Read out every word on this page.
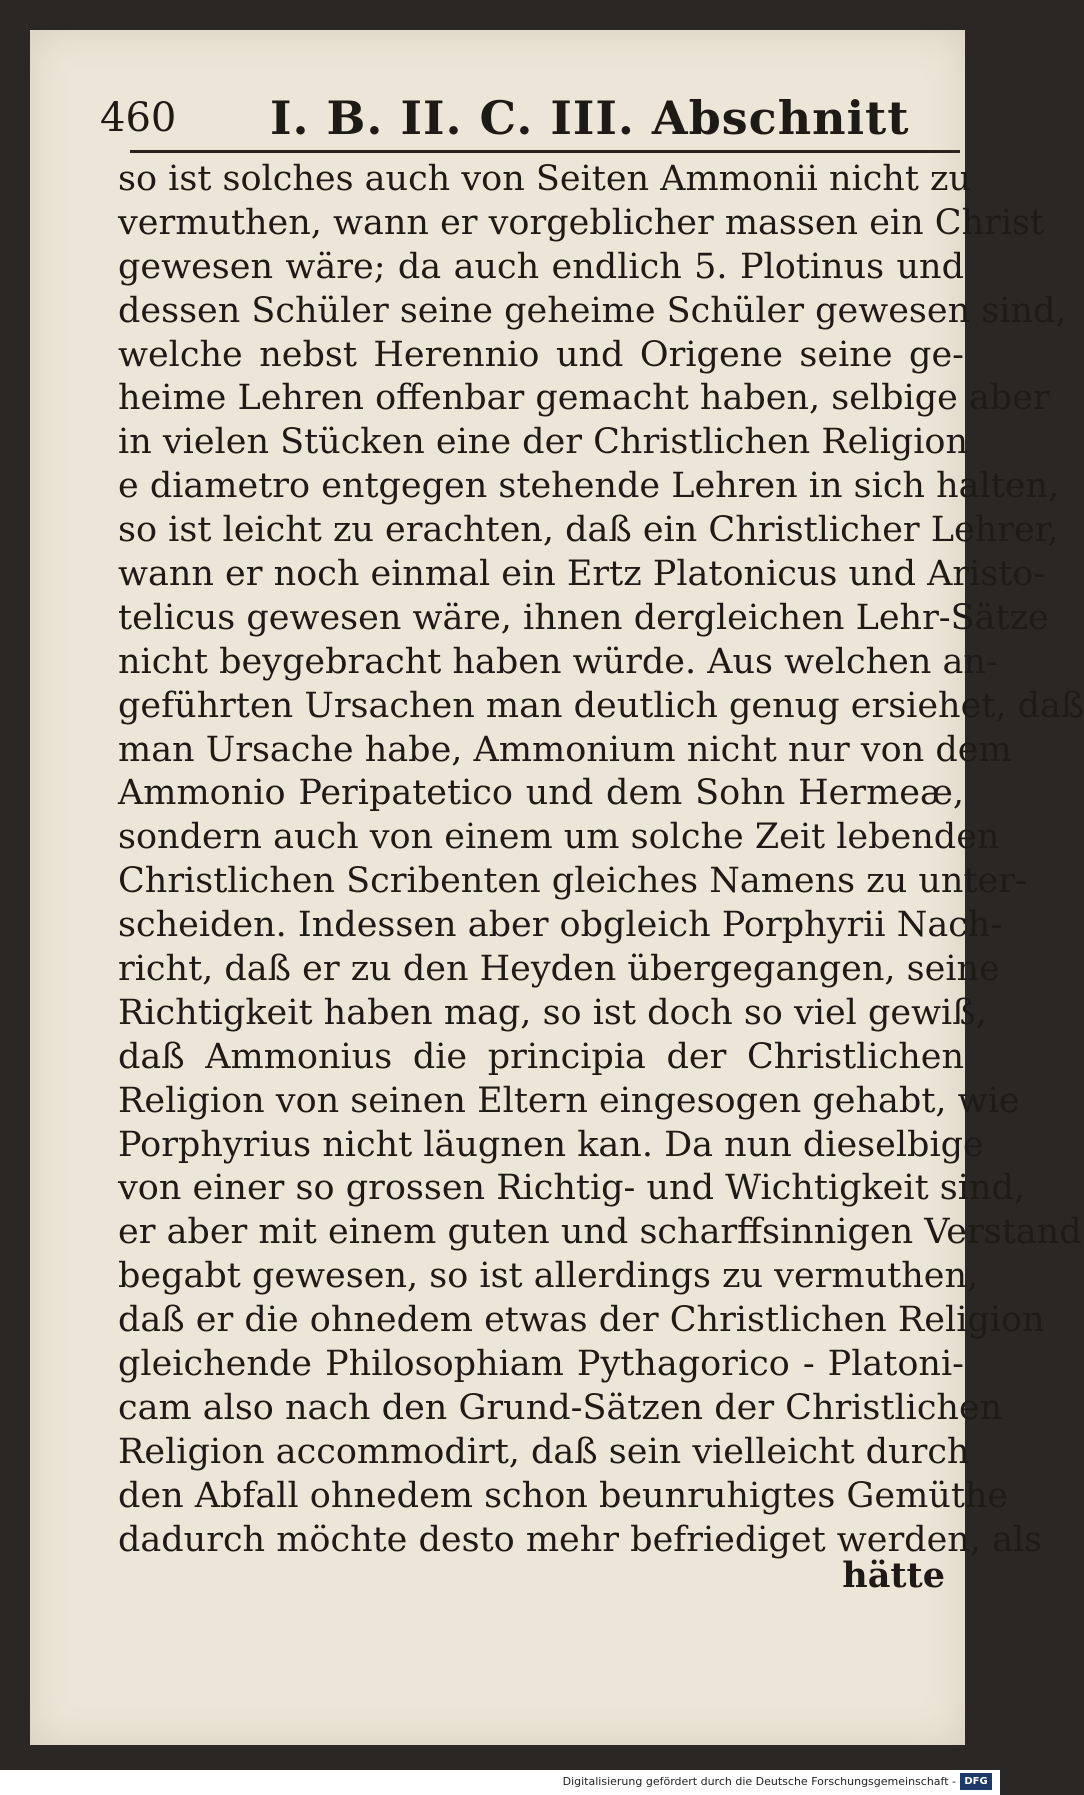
460 I. B. II. C. III. Abschnitt
so ist solches auch von Seiten Ammonii nicht zu
vermuthen, wann er vorgeblicher massen ein Christ
gewesen wäre; da auch endlich 5. Plotinus und
dessen Schüler seine geheime Schüler gewesen sind,
welche nebst Herennio und Origene seine ge-
heime Lehren offenbar gemacht haben, selbige aber
in vielen Stücken eine der Christlichen Religion
e diametro entgegen stehende Lehren in sich halten,
so ist leicht zu erachten, daß ein Christlicher Lehrer,
wann er noch einmal ein Ertz Platonicus und Aristo-
telicus gewesen wäre, ihnen dergleichen Lehr-Sätze
nicht beygebracht haben würde. Aus welchen an-
geführten Ursachen man deutlich genug ersiehet, daß
man Ursache habe, Ammonium nicht nur von dem
Ammonio Peripatetico und dem Sohn Hermeæ,
sondern auch von einem um solche Zeit lebenden
Christlichen Scribenten gleiches Namens zu unter-
scheiden. Indessen aber obgleich Porphyrii Nach-
richt, daß er zu den Heyden übergegangen, seine
Richtigkeit haben mag, so ist doch so viel gewiß,
daß Ammonius die principia der Christlichen
Religion von seinen Eltern eingesogen gehabt, wie
Porphyrius nicht läugnen kan. Da nun dieselbige
von einer so grossen Richtig- und Wichtigkeit sind,
er aber mit einem guten und scharffsinnigen Verstand
begabt gewesen, so ist allerdings zu vermuthen,
daß er die ohnedem etwas der Christlichen Religion
gleichende Philosophiam Pythagorico - Platoni-
cam also nach den Grund-Sätzen der Christlichen
Religion accommodirt, daß sein vielleicht durch
den Abfall ohnedem schon beunruhigtes Gemüthe
dadurch möchte desto mehr befriediget werden, als
hätte
Digitalisierung gefördert durch die Deutsche Forschungsgemeinschaft - DFG
